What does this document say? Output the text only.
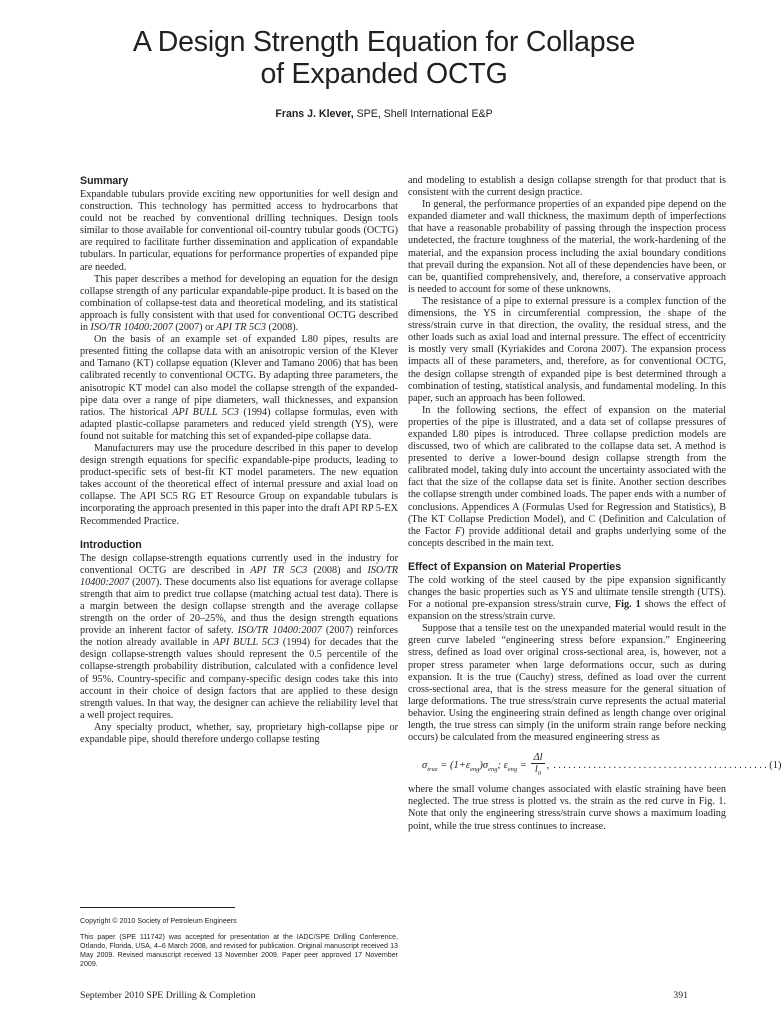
A Design Strength Equation for Collapse
of Expanded OCTG
Frans J. Klever, SPE, Shell International E&P
Summary

Expandable tubulars provide exciting new opportunities for well design and construction. This technology has permitted access to hydrocarbons that could not be reached by conventional drilling techniques. Design tools similar to those available for conventional oil-country tubular goods (OCTG) are required to facilitate further dissemination and application of expandable tubulars. In particular, equations for performance properties of expanded pipe are needed.

This paper describes a method for developing an equation for the design collapse strength of any particular expandable-pipe product. It is based on the combination of collapse-test data and theoretical modeling, and its statistical approach is fully consistent with that used for conventional OCTG described in ISO/TR 10400:2007 (2007) or API TR 5C3 (2008).

On the basis of an example set of expanded L80 pipes, results are presented fitting the collapse data with an anisotropic version of the Klever and Tamano (KT) collapse equation (Klever and Tamano 2006) that has been calibrated recently to conventional OCTG. By adapting three parameters, the anisotropic KT model can also model the collapse strength of the expanded-pipe data over a range of pipe diameters, wall thicknesses, and expansion ratios. The historical API BULL 5C3 (1994) collapse formulas, even with adapted plastic-collapse parameters and reduced yield strength (YS), were found not suitable for matching this set of expanded-pipe collapse data.

Manufacturers may use the procedure described in this paper to develop design strength equations for specific expandable-pipe products, leading to product-specific sets of best-fit KT model parameters. The new equation takes account of the theoretical effect of internal pressure and axial load on collapse. The API SC5 RG ET Resource Group on expandable tubulars is incorporating the approach presented in this paper into the draft API RP 5-EX Recommended Practice.

Introduction

The design collapse-strength equations currently used in the industry for conventional OCTG are described in API TR 5C3 (2008) and ISO/TR 10400:2007 (2007). These documents also list equations for average collapse strength that aim to predict true collapse (matching actual test data). There is a margin between the design collapse strength and the average collapse strength on the order of 20–25%, and thus the design strength equations provide an inherent factor of safety. ISO/TR 10400:2007 (2007) reinforces the notion already available in API BULL 5C3 (1994) for decades that the design collapse-strength values should represent the 0.5 percentile of the collapse-strength probability distribution, calculated with a confidence level of 95%. Country-specific and company-specific design codes take this into account in their choice of design factors that are applied to these design strength values. In that way, the designer can achieve the reliability level that a well project requires.

Any specialty product, whether, say, proprietary high-collapse pipe or expandable pipe, should therefore undergo collapse testing

and modeling to establish a design collapse strength for that product that is consistent with the current design practice.

In general, the performance properties of an expanded pipe depend on the expanded diameter and wall thickness, the maximum depth of imperfections that have a reasonable probability of passing through the inspection process undetected, the fracture toughness of the material, the work-hardening of the material, and the expansion process including the axial boundary conditions that prevail during the expansion. Not all of these dependencies have been, or can be, quantified comprehensively, and, therefore, a conservative approach is needed to account for some of these unknowns.

The resistance of a pipe to external pressure is a complex function of the dimensions, the YS in circumferential compression, the shape of the stress/strain curve in that direction, the ovality, the residual stress, and the other loads such as axial load and internal pressure. The effect of eccentricity is mostly very small (Kyriakides and Corona 2007). The expansion process impacts all of these parameters, and, therefore, as for conventional OCTG, the design collapse strength of expanded pipe is best determined through a combination of testing, statistical analysis, and fundamental modeling. In this paper, such an approach has been followed.

In the following sections, the effect of expansion on the material properties of the pipe is illustrated, and a data set of collapse pressures of expanded L80 pipes is introduced. Three collapse prediction models are discussed, two of which are calibrated to the collapse data set. A method is presented to derive a lower-bound design collapse strength from the calibrated model, taking duly into account the uncertainty associated with the fact that the size of the collapse data set is finite. Another section describes the collapse strength under combined loads. The paper ends with a number of conclusions. Appendices A (Formulas Used for Regression and Statistics), B (The KT Collapse Prediction Model), and C (Definition and Calculation of the Factor F) provide additional detail and graphs underlying some of the concepts described in the main text.

Effect of Expansion on Material Properties

The cold working of the steel caused by the pipe expansion significantly changes the basic properties such as YS and ultimate tensile strength (UTS). For a notional pre-expansion stress/strain curve, Fig. 1 shows the effect of expansion on the stress/strain curve.

Suppose that a tensile test on the unexpanded material would result in the green curve labeled “engineering stress before expansion.” Engineering stress, defined as load over original cross-sectional area, is, however, not a proper stress parameter when large deformations occur, such as during expansion. It is the true (Cauchy) stress, defined as load over the current cross-sectional area, that is the stress measure for the general situation of large deformations. The true stress/strain curve represents the actual material behavior. Using the engineering strain defined as length change over original length, the true stress can simply (in the uniform strain range before necking occurs) be calculated from the measured engineering stress as

$\sigma_{true} = (1+\varepsilon_{eng})\sigma_{eng}$; $\varepsilon_{eng} = \frac{\Delta l}{l_0}$ , ........................................... (1)

where the small volume changes associated with elastic straining have been neglected. The true stress is plotted vs. the strain as the red curve in Fig. 1. Note that only the engineering stress/strain curve shows a maximum loading point, while the true stress continues to increase.

Copyright © 2010 Society of Petroleum Engineers

This paper (SPE 111742) was accepted for presentation at the IADC/SPE Drilling Conference, Orlando, Florida, USA, 4–6 March 2008, and revised for publication. Original manuscript received 13 May 2009. Revised manuscript received 13 November 2009. Paper peer approved 17 November 2009.

September 2010 SPE Drilling & Completion	391
